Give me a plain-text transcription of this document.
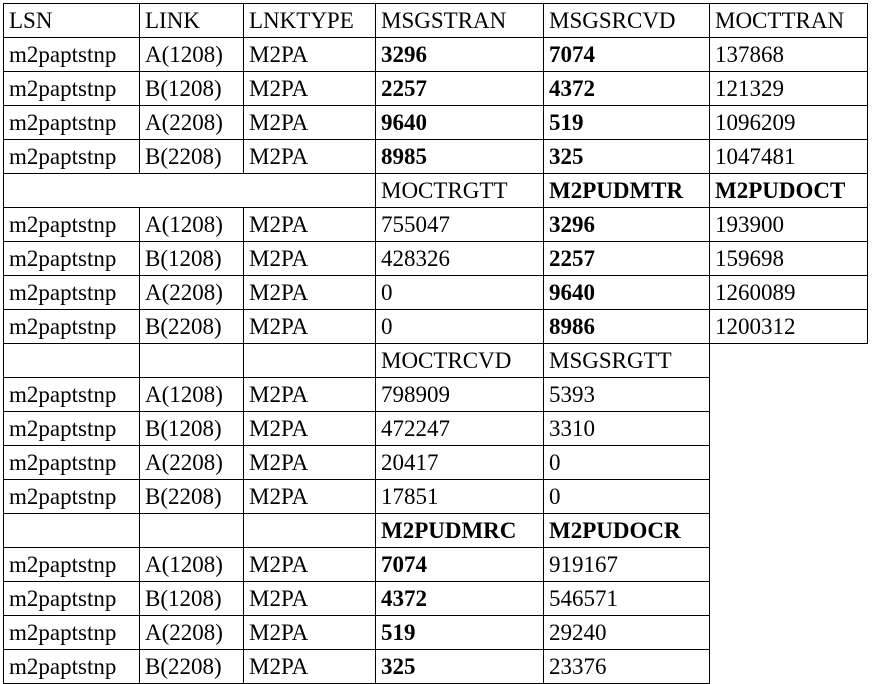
LSN	LINK	LNKTYPE	MSGSTRAN	MSGSRCVD	MOCTTRAN
m2paptstnp	A(1208)	M2PA	3296	7074	137868
m2paptstnp	B(1208)	M2PA	2257	4372	121329
m2paptstnp	A(2208)	M2PA	9640	519	1096209
m2paptstnp	B(2208)	M2PA	8985	325	1047481
			MOCTRGTT	M2PUDMTR	M2PUDOCT
m2paptstnp	A(1208)	M2PA	755047	3296	193900
m2paptstnp	B(1208)	M2PA	428326	2257	159698
m2paptstnp	A(2208)	M2PA	0	9640	1260089
m2paptstnp	B(2208)	M2PA	0	8986	1200312
			MOCTRCVD	MSGSRGTT	
m2paptstnp	A(1208)	M2PA	798909	5393	
m2paptstnp	B(1208)	M2PA	472247	3310	
m2paptstnp	A(2208)	M2PA	20417	0	
m2paptstnp	B(2208)	M2PA	17851	0	
			M2PUDMRC	M2PUDOCR	
m2paptstnp	A(1208)	M2PA	7074	919167	
m2paptstnp	B(1208)	M2PA	4372	546571	
m2paptstnp	A(2208)	M2PA	519	29240	
m2paptstnp	B(2208)	M2PA	325	23376	
